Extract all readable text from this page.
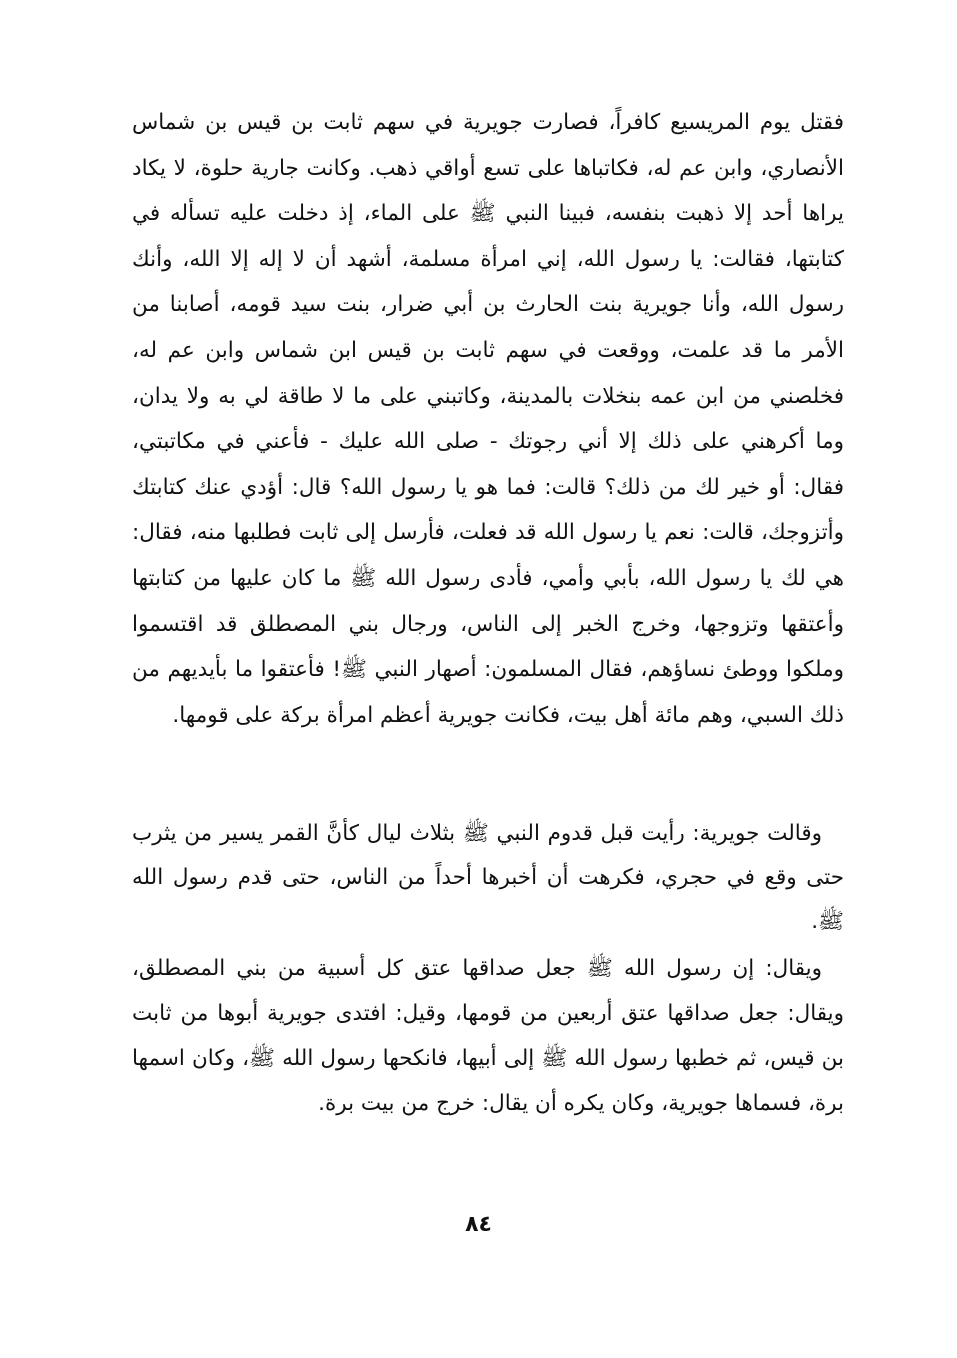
فقتل يوم المريسيع كافراً، فصارت جويرية في سهم ثابت بن قيس بن شماس الأنصاري، وابن عم له، فكاتباها على تسع أواقي ذهب. وكانت جارية حلوة، لا يكاد يراها أحد إلا ذهبت بنفسه، فبينا النبي ﷺ على الماء، إذ دخلت عليه تسأله في كتابتها، فقالت: يا رسول الله، إني امرأة مسلمة، أشهد أن لا إله إلا الله، وأنك رسول الله، وأنا جويرية بنت الحارث بن أبي ضرار، بنت سيد قومه، أصابنا من الأمر ما قد علمت، ووقعت في سهم ثابت بن قيس ابن شماس وابن عم له، فخلصني من ابن عمه بنخلات بالمدينة، وكاتبني على ما لا طاقة لي به ولا يدان، وما أكرهني على ذلك إلا أني رجوتك - صلى الله عليك - فأعني في مكاتبتي، فقال: أو خير لك من ذلك؟ قالت: فما هو يا رسول الله؟ قال: أؤدي عنك كتابتك وأتزوجك، قالت: نعم يا رسول الله قد فعلت، فأرسل إلى ثابت فطلبها منه، فقال: هي لك يا رسول الله، بأبي وأمي، فأدى رسول الله ﷺ ما كان عليها من كتابتها وأعتقها وتزوجها، وخرج الخبر إلى الناس، ورجال بني المصطلق قد اقتسموا وملكوا ووطئ نساؤهم، فقال المسلمون: أصهار النبي ﷺ! فأعتقوا ما بأيديهم من ذلك السبي، وهم مائة أهل بيت، فكانت جويرية أعظم امرأة بركة على قومها.

وقالت جويرية: رأيت قبل قدوم النبي ﷺ بثلاث ليال كأنَّ القمر يسير من يثرب حتى وقع في حجري، فكرهت أن أخبرها أحداً من الناس، حتى قدم رسول الله ﷺ.

ويقال: إن رسول الله ﷺ جعل صداقها عتق كل أسبية من بني المصطلق، ويقال: جعل صداقها عتق أربعين من قومها، وقيل: افتدى جويرية أبوها من ثابت بن قيس، ثم خطبها رسول الله ﷺ إلى أبيها، فانكحها رسول الله ﷺ، وكان اسمها برة، فسماها جويرية، وكان يكره أن يقال: خرج من بيت برة.

٨٤
